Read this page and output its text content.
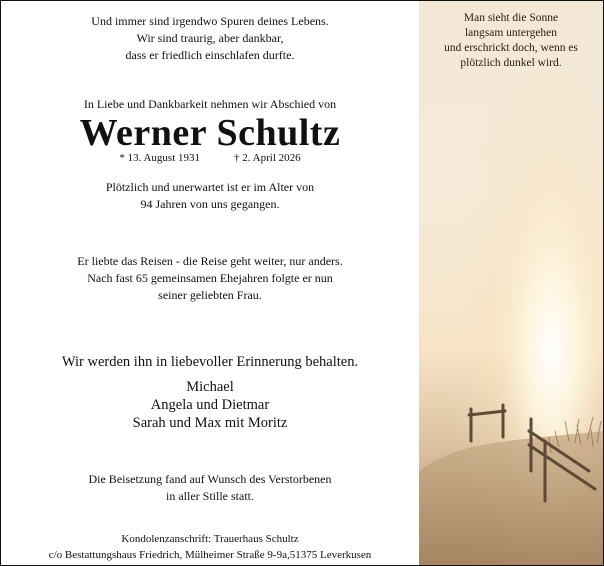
Und immer sind irgendwo Spuren deines Lebens.
Wir sind traurig, aber dankbar,
dass er friedlich einschlafen durfte.
In Liebe und Dankbarkeit nehmen wir Abschied von
Werner Schultz
* 13. August 1931	† 2. April 2026
Plötzlich und unerwartet ist er im Alter von
94 Jahren von uns gegangen.
Er liebte das Reisen - die Reise geht weiter, nur anders.
Nach fast 65 gemeinsamen Ehejahren folgte er nun
seiner geliebten Frau.
Wir werden ihn in liebevoller Erinnerung behalten.
Michael
Angela und Dietmar
Sarah und Max mit Moritz
Die Beisetzung fand auf Wunsch des Verstorbenen
in aller Stille statt.
Kondolenzanschrift: Trauerhaus Schultz
c/o Bestattungshaus Friedrich, Mülheimer Straße 9-9a,51375 Leverkusen
Man sieht die Sonne
langsam untergehen
und erschrickt doch, wenn es
plötzlich dunkel wird.
